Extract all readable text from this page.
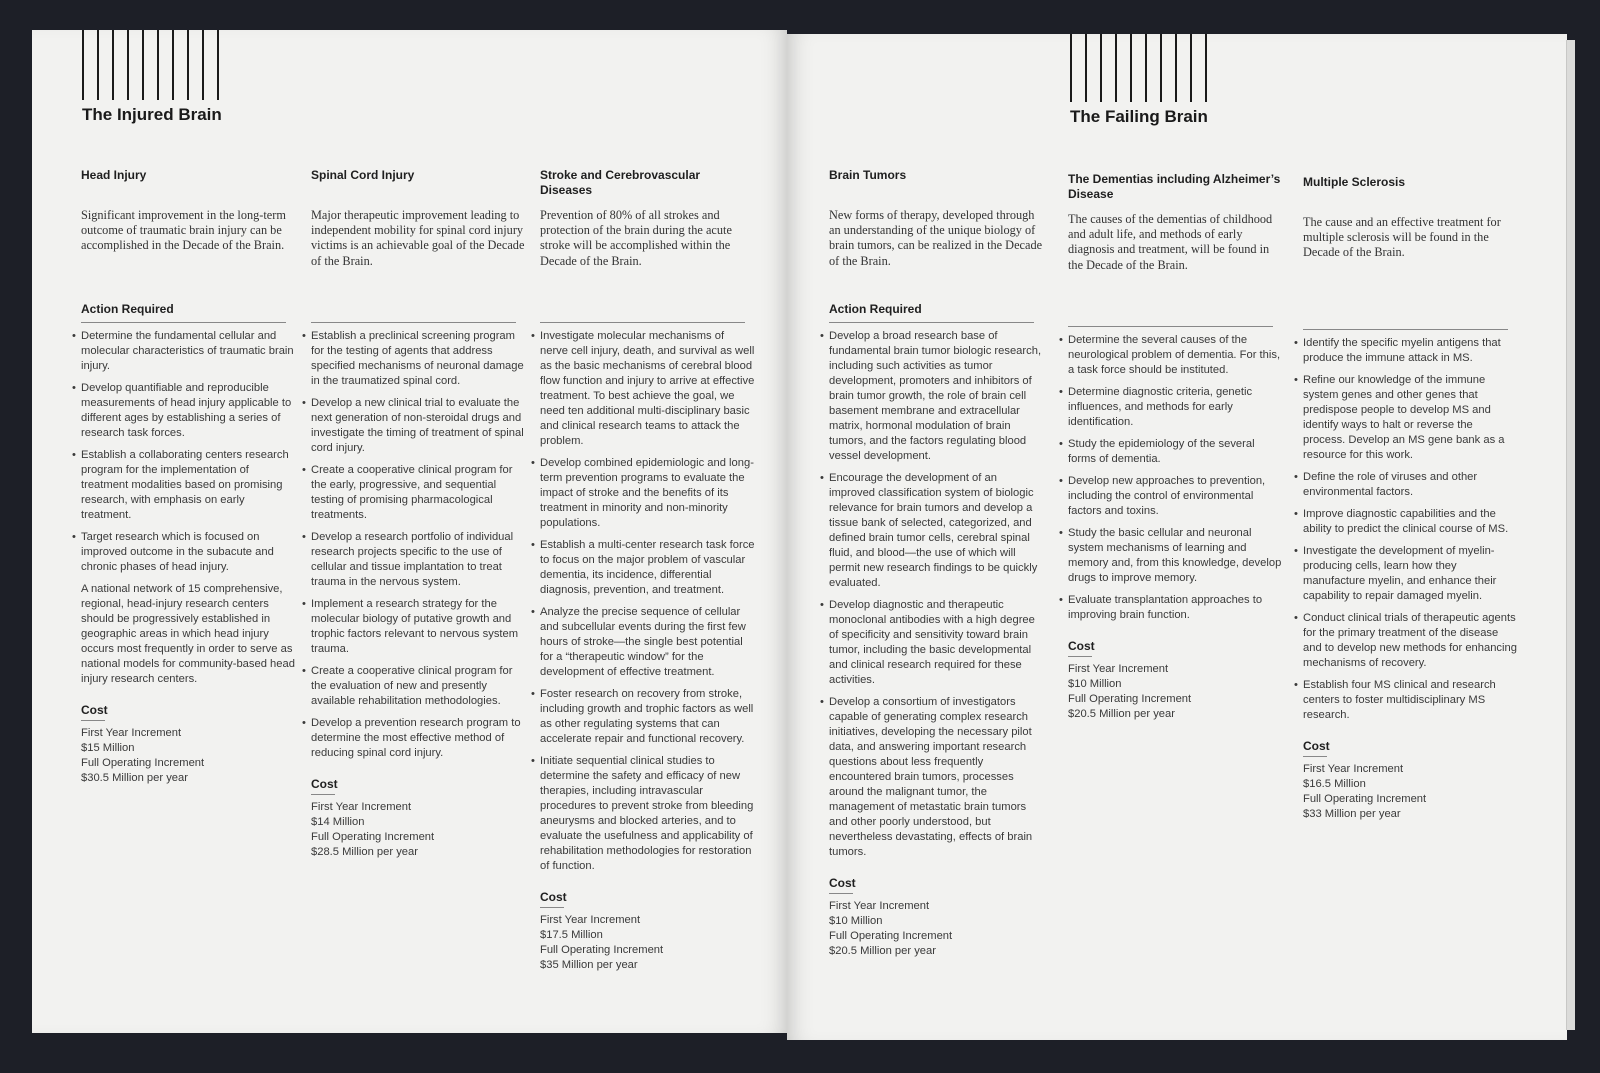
The Injured Brain
Head Injury

Significant improvement in the long-term outcome of traumatic brain injury can be accomplished in the Decade of the Brain.

Action Required

• Determine the fundamental cellular and molecular characteristics of traumatic brain injury.
• Develop quantifiable and reproducible measurements of head injury applicable to different ages by establishing a series of research task forces.
• Establish a collaborating centers research program for the implementation of treatment modalities based on promising research, with emphasis on early treatment.
• Target research which is focused on improved outcome in the subacute and chronic phases of head injury.

A national network of 15 comprehensive, regional, head-injury research centers should be progressively established in geographic areas in which head injury occurs most frequently in order to serve as national models for community-based head injury research centers.

Cost

First Year Increment

$15 Million

Full Operating Increment

$30.5 Million per year

Spinal Cord Injury

Major therapeutic improvement leading to independent mobility for spinal cord injury victims is an achievable goal of the Decade of the Brain.

• Establish a preclinical screening program for the testing of agents that address specified mechanisms of neuronal damage in the traumatized spinal cord.
• Develop a new clinical trial to evaluate the next generation of non-steroidal drugs and investigate the timing of treatment of spinal cord injury.
• Create a cooperative clinical program for the early, progressive, and sequential testing of promising pharmacological treatments.
• Develop a research portfolio of individual research projects specific to the use of cellular and tissue implantation to treat trauma in the nervous system.
• Implement a research strategy for the molecular biology of putative growth and trophic factors relevant to nervous system trauma.
• Create a cooperative clinical program for the evaluation of new and presently available rehabilitation methodologies.
• Develop a prevention research program to determine the most effective method of reducing spinal cord injury.

Cost

First Year Increment

$14 Million

Full Operating Increment

$28.5 Million per year

Stroke and Cerebrovascular Diseases

Prevention of 80% of all strokes and protection of the brain during the acute stroke will be accomplished within the Decade of the Brain.

• Investigate molecular mechanisms of nerve cell injury, death, and survival as well as the basic mechanisms of cerebral blood flow function and injury to arrive at effective treatment. To best achieve the goal, we need ten additional multi-disciplinary basic and clinical research teams to attack the problem.
• Develop combined epidemiologic and long-term prevention programs to evaluate the impact of stroke and the benefits of its treatment in minority and non-minority populations.
• Establish a multi-center research task force to focus on the major problem of vascular dementia, its incidence, differential diagnosis, prevention, and treatment.
• Analyze the precise sequence of cellular and subcellular events during the first few hours of stroke—the single best potential for a “therapeutic window” for the development of effective treatment.
• Foster research on recovery from stroke, including growth and trophic factors as well as other regulating systems that can accelerate repair and functional recovery.
• Initiate sequential clinical studies to determine the safety and efficacy of new therapies, including intravascular procedures to prevent stroke from bleeding aneurysms and blocked arteries, and to evaluate the usefulness and applicability of rehabilitation methodologies for restoration of function.

Cost

First Year Increment

$17.5 Million

Full Operating Increment

$35 Million per year

The Failing Brain
Brain Tumors

New forms of therapy, developed through an understanding of the unique biology of brain tumors, can be realized in the Decade of the Brain.

Action Required

• Develop a broad research base of fundamental brain tumor biologic research, including such activities as tumor development, promoters and inhibitors of brain tumor growth, the role of brain cell basement membrane and extracellular matrix, hormonal modulation of brain tumors, and the factors regulating blood vessel development.
• Encourage the development of an improved classification system of biologic relevance for brain tumors and develop a tissue bank of selected, categorized, and defined brain tumor cells, cerebral spinal fluid, and blood—the use of which will permit new research findings to be quickly evaluated.
• Develop diagnostic and therapeutic monoclonal antibodies with a high degree of specificity and sensitivity toward brain tumor, including the basic developmental and clinical research required for these activities.
• Develop a consortium of investigators capable of generating complex research initiatives, developing the necessary pilot data, and answering important research questions about less frequently encountered brain tumors, processes around the malignant tumor, the management of metastatic brain tumors and other poorly understood, but nevertheless devastating, effects of brain tumors.

Cost

First Year Increment

$10 Million

Full Operating Increment

$20.5 Million per year

The Dementias including Alzheimer’s Disease

The causes of the dementias of childhood and adult life, and methods of early diagnosis and treatment, will be found in the Decade of the Brain.

• Determine the several causes of the neurological problem of dementia. For this, a task force should be instituted.
• Determine diagnostic criteria, genetic influences, and methods for early identification.
• Study the epidemiology of the several forms of dementia.
• Develop new approaches to prevention, including the control of environmental factors and toxins.
• Study the basic cellular and neuronal system mechanisms of learning and memory and, from this knowledge, develop drugs to improve memory.
• Evaluate transplantation approaches to improving brain function.

Cost

First Year Increment

$10 Million

Full Operating Increment

$20.5 Million per year

Multiple Sclerosis

The cause and an effective treatment for multiple sclerosis will be found in the Decade of the Brain.

• Identify the specific myelin antigens that produce the immune attack in MS.
• Refine our knowledge of the immune system genes and other genes that predispose people to develop MS and identify ways to halt or reverse the process. Develop an MS gene bank as a resource for this work.
• Define the role of viruses and other environmental factors.
• Improve diagnostic capabilities and the ability to predict the clinical course of MS.
• Investigate the development of myelin-producing cells, learn how they manufacture myelin, and enhance their capability to repair damaged myelin.
• Conduct clinical trials of therapeutic agents for the primary treatment of the disease and to develop new methods for enhancing mechanisms of recovery.
• Establish four MS clinical and research centers to foster multidisciplinary MS research.

Cost

First Year Increment

$16.5 Million

Full Operating Increment

$33 Million per year
